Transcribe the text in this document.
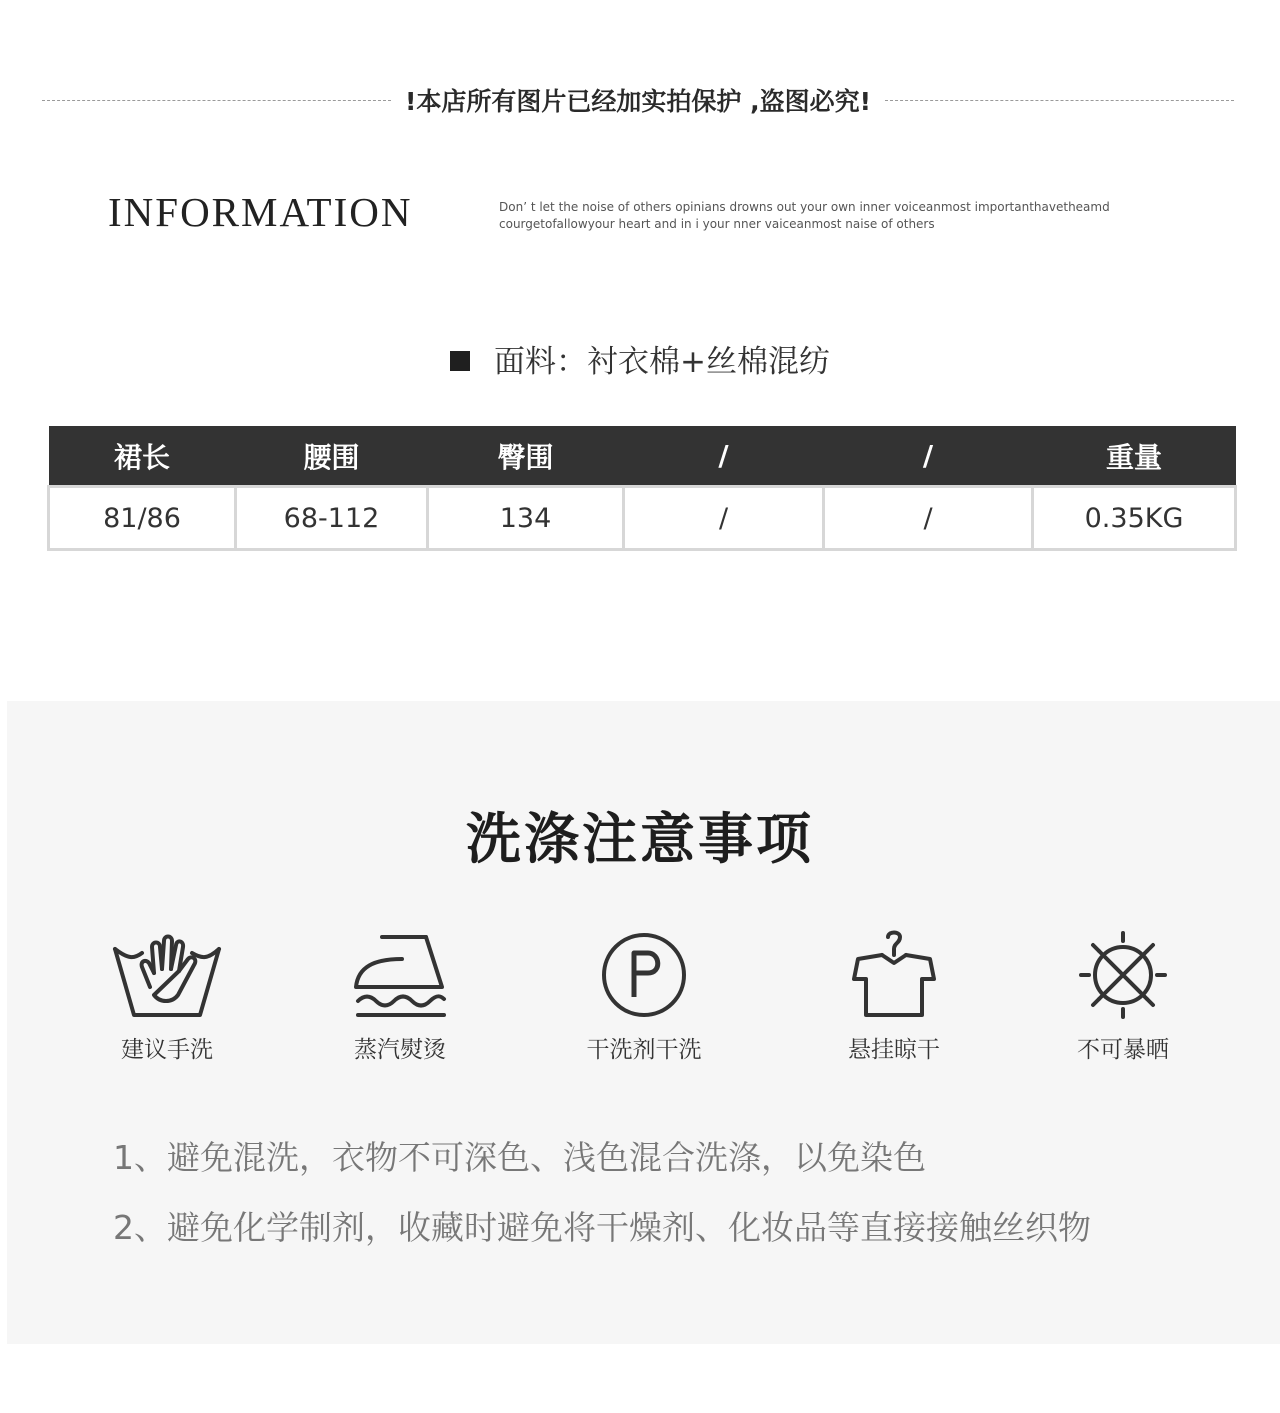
!本店所有图片已经加实拍保护 ,盗图必究!
INFORMATION	Don’ t let the noise of others opinians drowns out your own inner voiceanmost importanthavetheamd
courgetofallowyour heart and in i your nner vaiceanmost naise of others
面料：衬衣棉+丝棉混纺
裙长	腰围	臀围	/	/	重量
81/86	68-112	134	/	/	0.35KG
洗涤注意事项
建议手洗	蒸汽熨烫	干洗剂干洗	悬挂晾干	不可暴晒
1、避免混洗，衣物不可深色、浅色混合洗涤，以免染色
2、避免化学制剂，收藏时避免将干燥剂、化妆品等直接接触丝织物
